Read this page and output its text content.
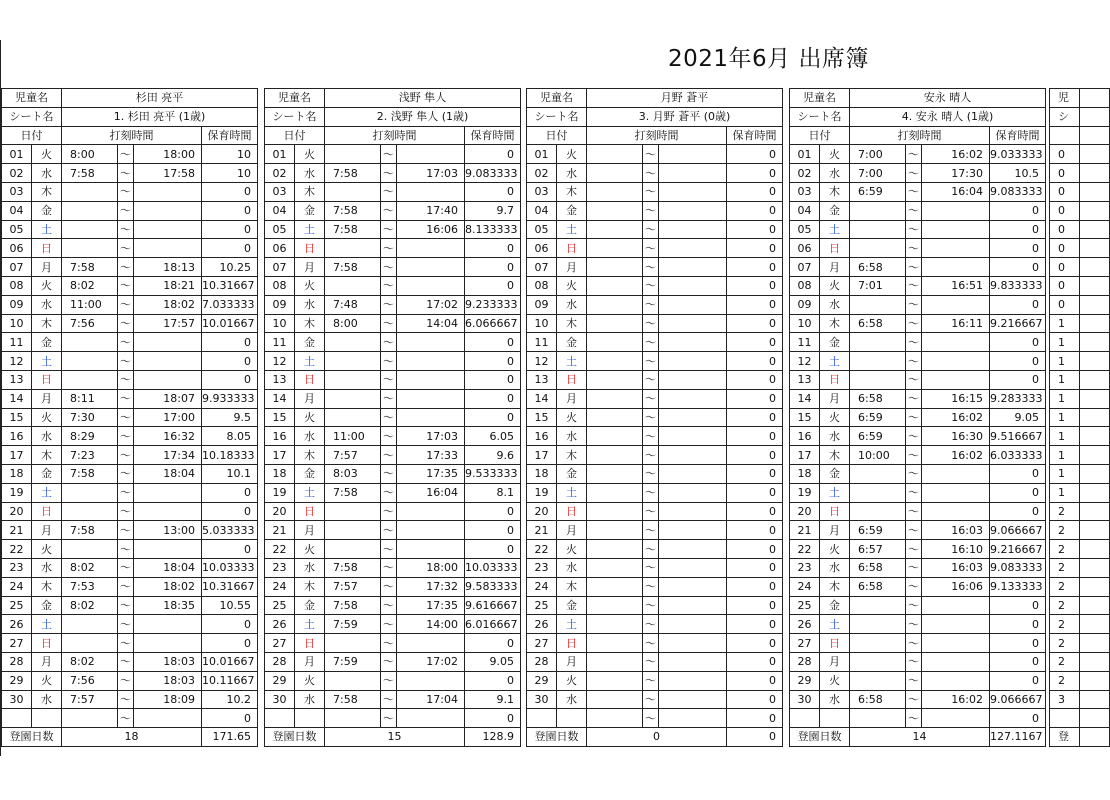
2021年6月 出席簿
児童名		杉田 亮平			
シート名		1. 杉田 亮平 (1歳)			
日付		打刻時間			保育時間
01	火	8:00	～	18:00	10
02	水	7:58	～	17:58	10
03	木		～		0
04	金		～		0
05	土		～		0
06	日		～		0
07	月	7:58	～	18:13	10.25
08	火	8:02	～	18:21	10.31667
09	水	11:00	～	18:02	7.033333
10	木	7:56	～	17:57	10.01667
11	金		～		0
12	土		～		0
13	日		～		0
14	月	8:11	～	18:07	9.933333
15	火	7:30	～	17:00	9.5
16	水	8:29	～	16:32	8.05
17	木	7:23	～	17:34	10.18333
18	金	7:58	～	18:04	10.1
19	土		～		0
20	日		～		0
21	月	7:58	～	13:00	5.033333
22	火		～		0
23	水	8:02	～	18:04	10.03333
24	木	7:53	～	18:02	10.31667
25	金	8:02	～	18:35	10.55
26	土		～		0
27	日		～		0
28	月	8:02	～	18:03	10.01667
29	火	7:56	～	18:03	10.11667
30	水	7:57	～	18:09	10.2
			～		0
登園日数		18			171.65
児童名		浅野 隼人			
シート名		2. 浅野 隼人 (1歳)			
日付		打刻時間			保育時間
01	火		～		0
02	水	7:58	～	17:03	9.083333
03	木		～		0
04	金	7:58	～	17:40	9.7
05	土	7:58	～	16:06	8.133333
06	日		～		0
07	月	7:58	～		0
08	火		～		0
09	水	7:48	～	17:02	9.233333
10	木	8:00	～	14:04	6.066667
11	金		～		0
12	土		～		0
13	日		～		0
14	月		～		0
15	火		～		0
16	水	11:00	～	17:03	6.05
17	木	7:57	～	17:33	9.6
18	金	8:03	～	17:35	9.533333
19	土	7:58	～	16:04	8.1
20	日		～		0
21	月		～		0
22	火		～		0
23	水	7:58	～	18:00	10.03333
24	木	7:57	～	17:32	9.583333
25	金	7:58	～	17:35	9.616667
26	土	7:59	～	14:00	6.016667
27	日		～		0
28	月	7:59	～	17:02	9.05
29	火		～		0
30	水	7:58	～	17:04	9.1
			～		0
登園日数		15			128.9
児童名		月野 蒼平			
シート名		3. 月野 蒼平 (0歳)			
日付		打刻時間			保育時間
01	火		～		0
02	水		～		0
03	木		～		0
04	金		～		0
05	土		～		0
06	日		～		0
07	月		～		0
08	火		～		0
09	水		～		0
10	木		～		0
11	金		～		0
12	土		～		0
13	日		～		0
14	月		～		0
15	火		～		0
16	水		～		0
17	木		～		0
18	金		～		0
19	土		～		0
20	日		～		0
21	月		～		0
22	火		～		0
23	水		～		0
24	木		～		0
25	金		～		0
26	土		～		0
27	日		～		0
28	月		～		0
29	火		～		0
30	水		～		0
			～		0
登園日数		0			0
児童名		安永 晴人			
シート名		4. 安永 晴人 (1歳)			
日付		打刻時間			保育時間
01	火	7:00	～	16:02	9.033333
02	水	7:00	～	17:30	10.5
03	木	6:59	～	16:04	9.083333
04	金		～		0
05	土		～		0
06	日		～		0
07	月	6:58	～		0
08	火	7:01	～	16:51	9.833333
09	水		～		0
10	木	6:58	～	16:11	9.216667
11	金		～		0
12	土		～		0
13	日		～		0
14	月	6:58	～	16:15	9.283333
15	火	6:59	～	16:02	9.05
16	水	6:59	～	16:30	9.516667
17	木	10:00	～	16:02	6.033333
18	金		～		0
19	土		～		0
20	日		～		0
21	月	6:59	～	16:03	9.066667
22	火	6:57	～	16:10	9.216667
23	水	6:58	～	16:03	9.083333
24	木	6:58	～	16:06	9.133333
25	金		～		0
26	土		～		0
27	日		～		0
28	月		～		0
29	火		～		0
30	水	6:58	～	16:02	9.066667
			～		0
登園日数		14			127.1167
児	
シ	

0	
0	
0	
0	
0	
0	
0	
0	
0	
1	
1	
1	
1	
1	
1	
1	
1	
1	
1	
2	
2	
2	
2	
2	
2	
2	
2	
2	
2	
3	

登	
